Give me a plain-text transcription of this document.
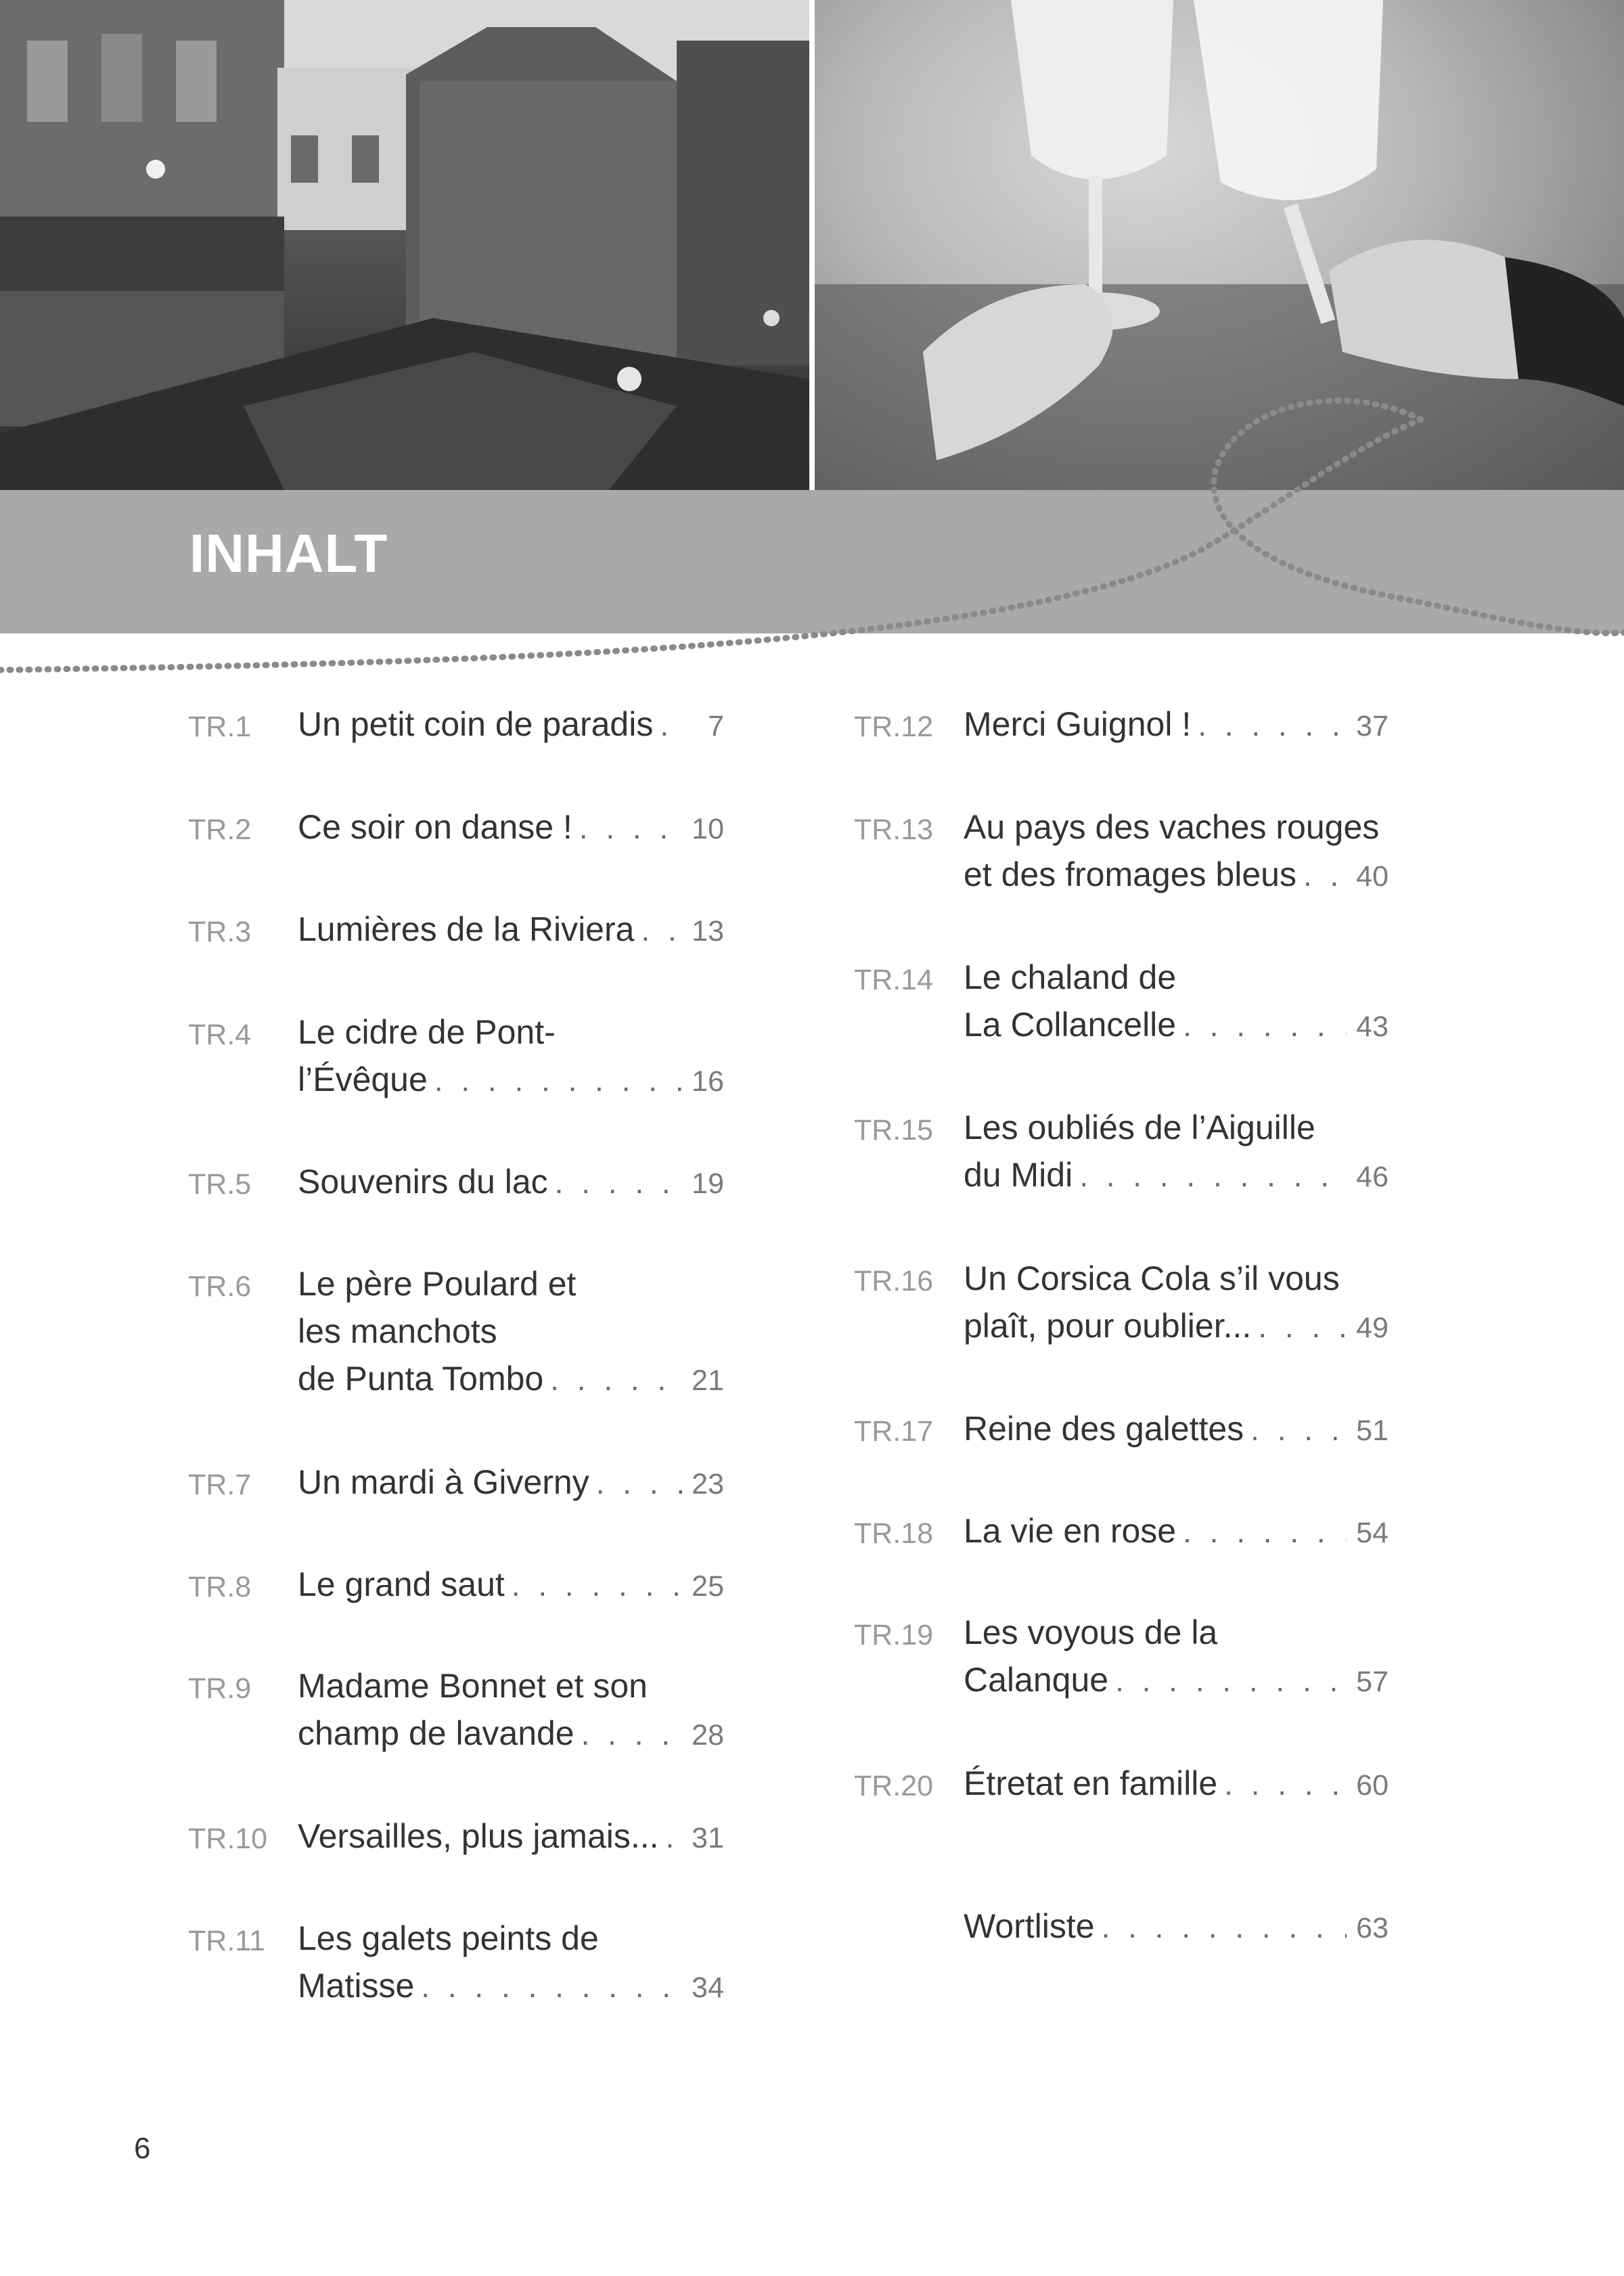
INHALT
TR.1 Un petit coin de paradis . . .	7
TR.2 Ce soir on danse ! . . .	10
TR.3 Lumières de la Riviera . . . 13
TR.4 Le cidre de Pont-
l’Évêque . . .	16
TR.5 Souvenirs du lac . . .	19
TR.6 Le père Poulard et
les manchots
de Punta Tombo . . .	21
TR.7 Un mardi à Giverny . . .	23
TR.8 Le grand saut . . .	25
TR.9 Madame Bonnet et son
champ de lavande . . .	28
TR.10 Versailles, plus jamais... . . . 31
TR.11 Les galets peints de
Matisse . . .	34
TR.12 Merci Guignol ! . . .	37
TR.13 Au pays des vaches rouges
et des fromages bleus . . . 40
TR.14 Le chaland de
La Collancelle . . .	43
TR.15 Les oubliés de l’Aiguille
du Midi . . .	46
TR.16 Un Corsica Cola s’il vous
plaît, pour oublier... . . .	49
TR.17 Reine des galettes . . .	51
TR.18 La vie en rose . . .	54
TR.19 Les voyous de la
Calanque . . .	57
TR.20 Étretat en famille . . .	60
Wortliste . . .	63
6
